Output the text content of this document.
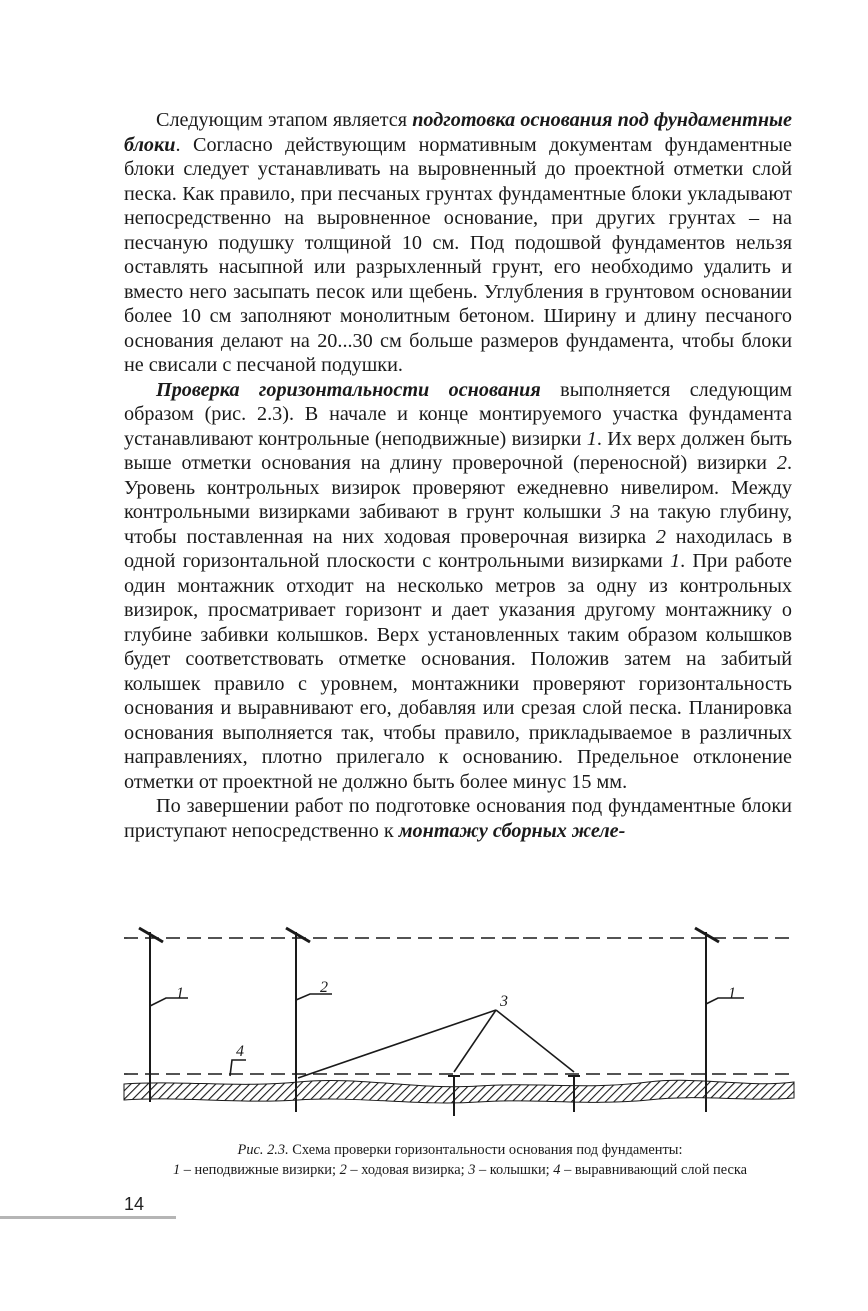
Следующим этапом является подготовка основания под фундаментные блоки. Согласно действующим нормативным документам фундаментные блоки следует устанавливать на выровненный до проектной отметки слой песка. Как правило, при песчаных грунтах фундаментные блоки укладывают непосредственно на выровненное основание, при других грунтах – на песчаную подушку толщиной 10 см. Под подошвой фундаментов нельзя оставлять насыпной или разрыхленный грунт, его необходимо удалить и вместо него засыпать песок или щебень. Углубления в грунтовом основании более 10 см заполняют монолитным бетоном. Ширину и длину песчаного основания делают на 20...30 см больше размеров фундамента, чтобы блоки не свисали с песчаной подушки.

Проверка горизонтальности основания выполняется следующим образом (рис. 2.3). В начале и конце монтируемого участка фундамента устанавливают контрольные (неподвижные) визирки 1. Их верх должен быть выше отметки основания на длину проверочной (переносной) визирки 2. Уровень контрольных визирок проверяют ежедневно нивелиром. Между контрольными визирками забивают в грунт колышки 3 на такую глубину, чтобы поставленная на них ходовая проверочная визирка 2 находилась в одной горизонтальной плоскости с контрольными визирками 1. При работе один монтажник отходит на несколько метров за одну из контрольных визирок, просматривает горизонт и дает указания другому монтажнику о глубине забивки колышков. Верх установленных таким образом колышков будет соответствовать отметке основания. Положив затем на забитый колышек правило с уровнем, монтажники проверяют горизонтальность основания и выравнивают его, добавляя или срезая слой песка. Планировка основания выполняется так, чтобы правило, прикладываемое в различных направлениях, плотно прилегало к основанию. Предельное отклонение отметки от проектной не должно быть более минус 15 мм.

По завершении работ по подготовке основания под фундаментные блоки приступают непосредственно к монтажу сборных желе-

1	2
3
4
1
Рис. 2.3. Схема проверки горизонтальности основания под фундаменты:
1 – неподвижные визирки; 2 – ходовая визирка; 3 – колышки; 4 – выравнивающий слой песка
14
